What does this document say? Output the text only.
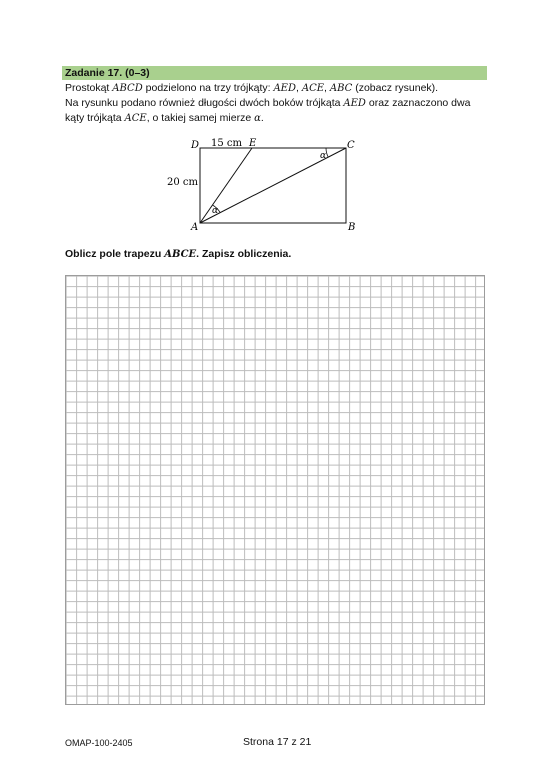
Zadanie 17. (0–3)
Prostokąt ABCD podzielono na trzy trójkąty: AED, ACE, ABC (zobacz rysunek).
Na rysunku podano również długości dwóch boków trójkąta AED oraz zaznaczono dwa
kąty trójkąta ACE, o takiej samej mierze α.
D	E	C
A	B
15 cm
20 cm
α
α
Oblicz pole trapezu ABCE. Zapisz obliczenia.
OMAP-100-2405	Strona 17 z 21
